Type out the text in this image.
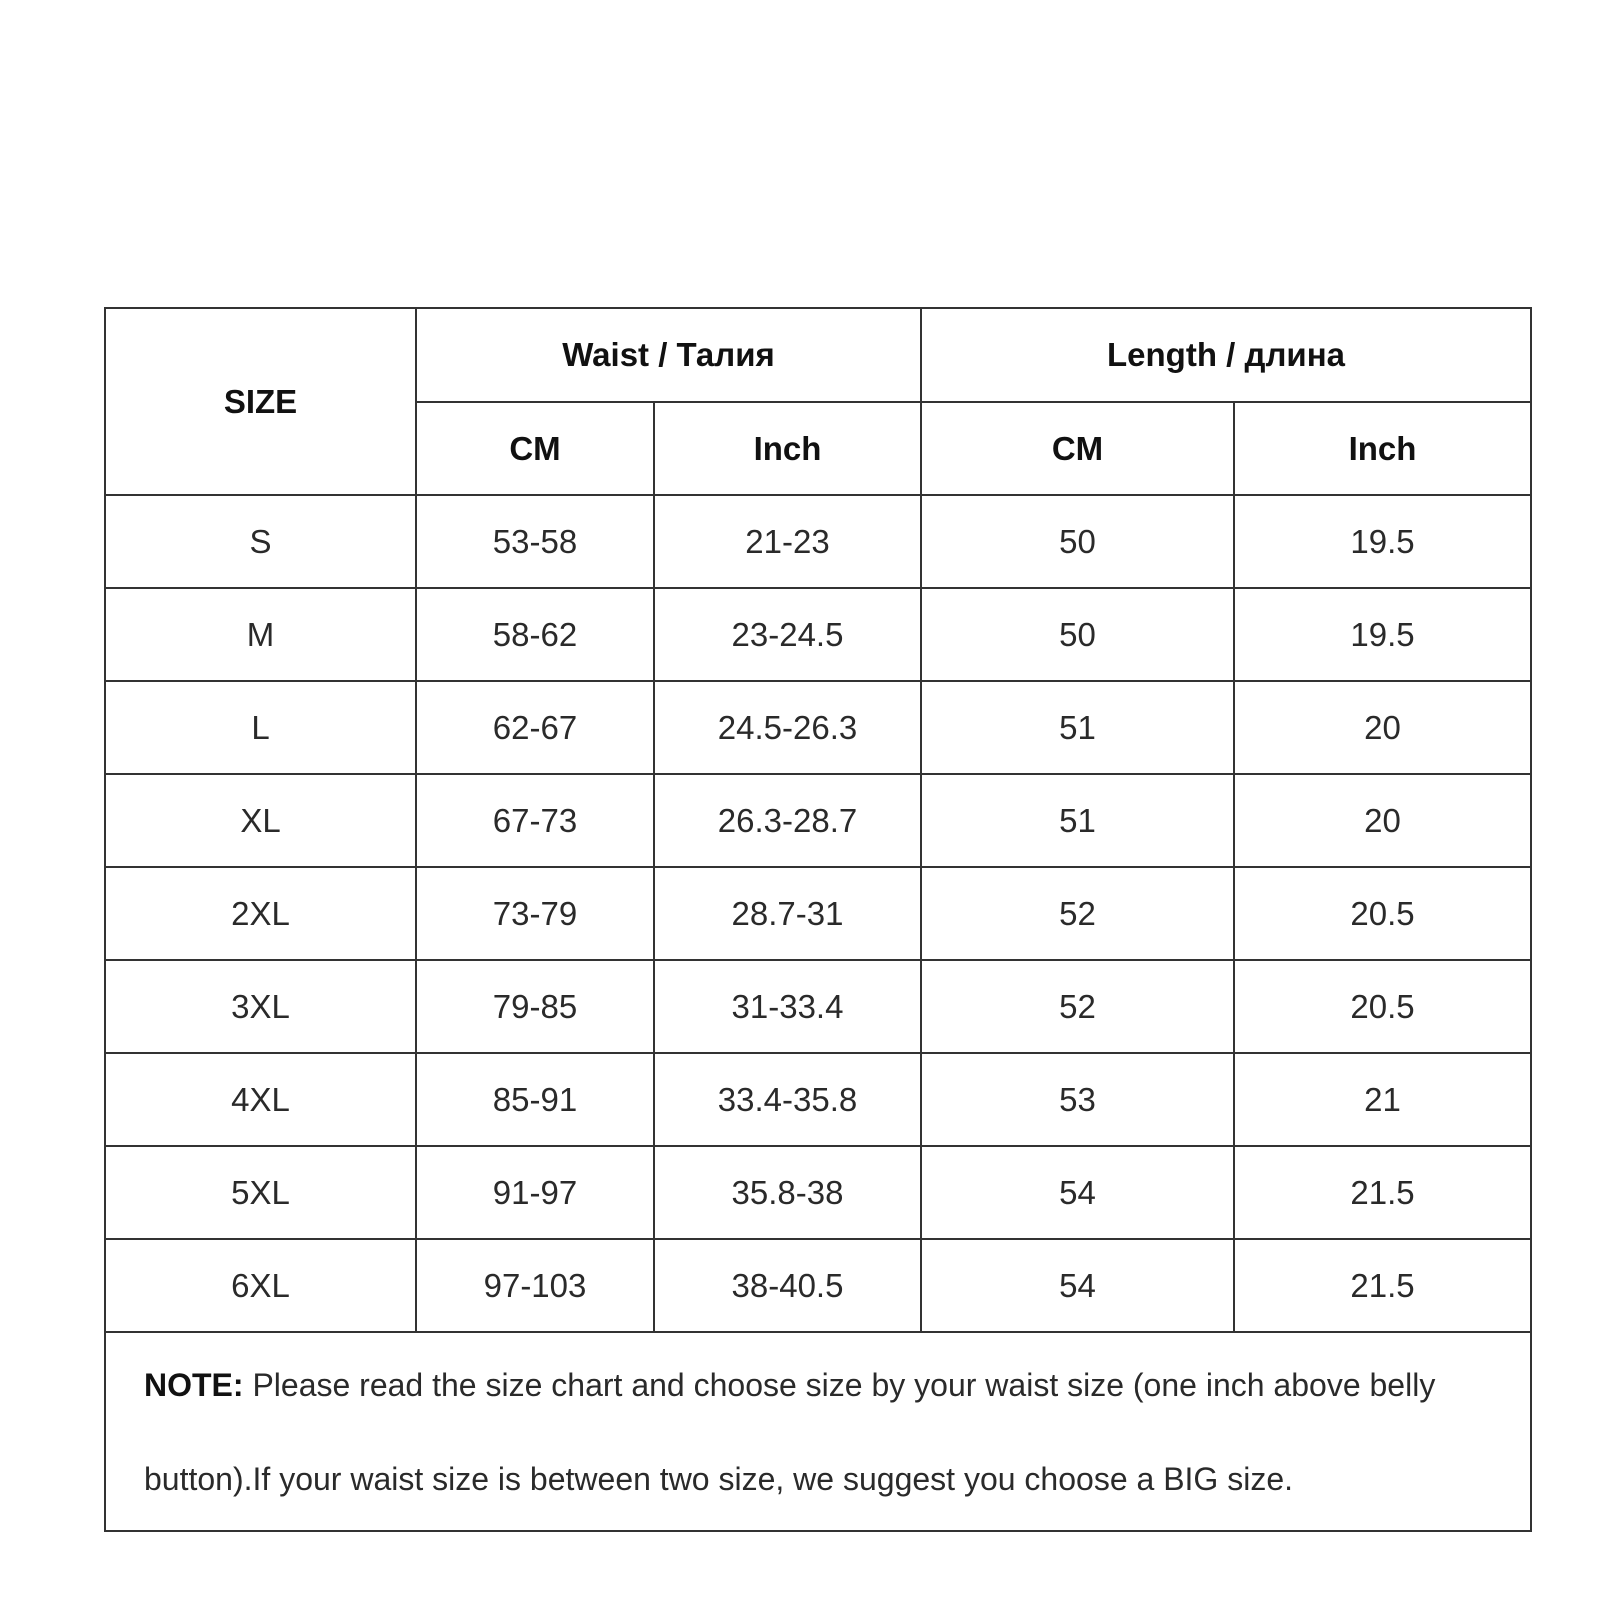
SIZE	Waist / Талия		Length / длина	
	CM	Inch	CM	Inch
S	53-58	21-23	50	19.5
M	58-62	23-24.5	50	19.5
L	62-67	24.5-26.3	51	20
XL	67-73	26.3-28.7	51	20
2XL	73-79	28.7-31	52	20.5
3XL	79-85	31-33.4	52	20.5
4XL	85-91	33.4-35.8	53	21
5XL	91-97	35.8-38	54	21.5
6XL	97-103	38-40.5	54	21.5
NOTE: Please read the size chart and choose size by your waist size (one inch above belly button).If your waist size is between two size, we suggest you choose a BIG size.				
